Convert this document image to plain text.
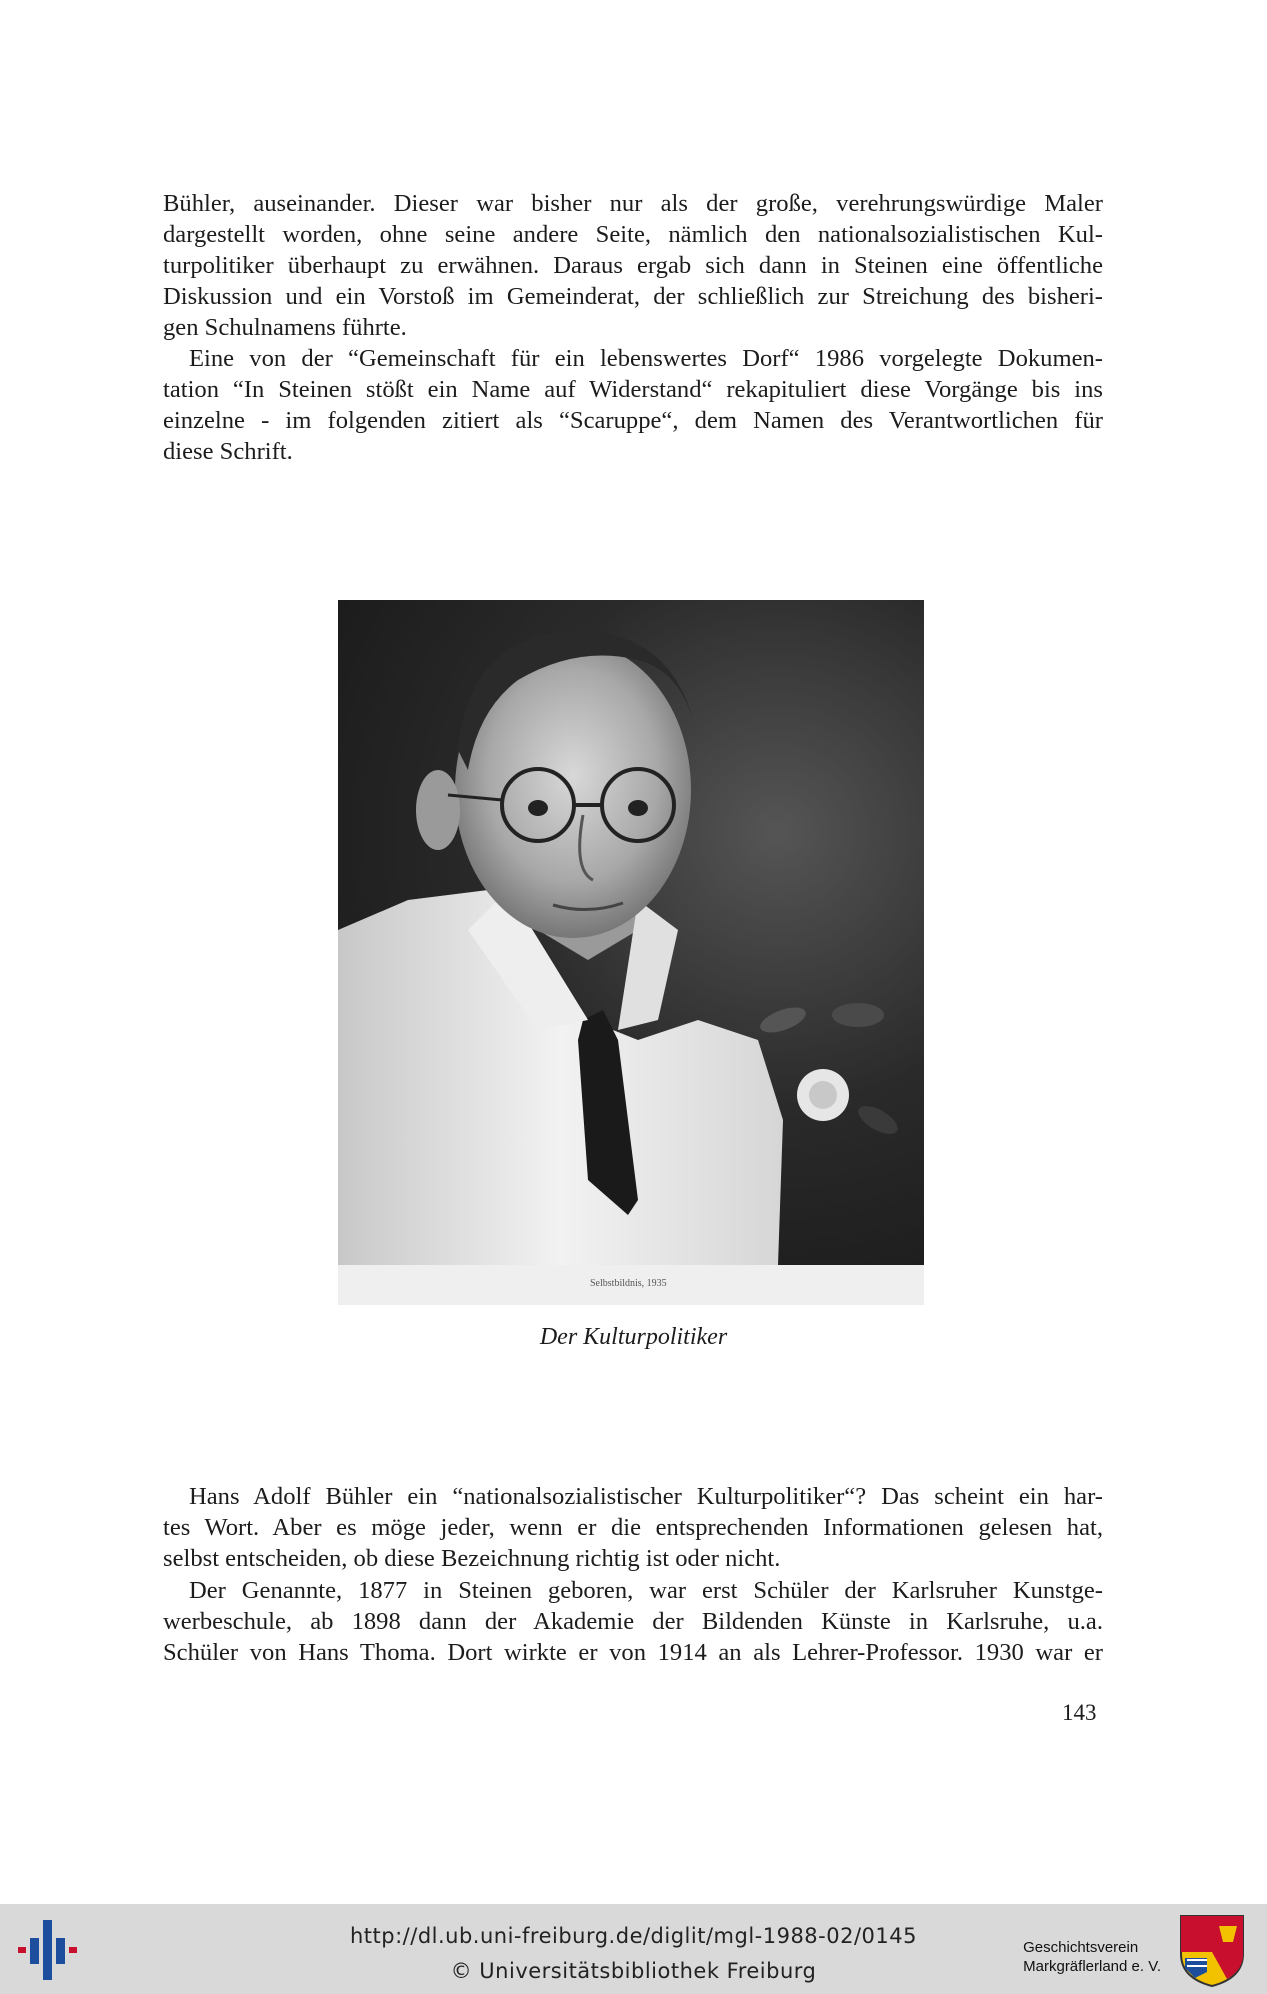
Bühler, auseinander. Dieser war bisher nur als der große, verehrungswürdige Maler
dargestellt worden, ohne seine andere Seite, nämlich den nationalsozialistischen Kul-
turpolitiker überhaupt zu erwähnen. Daraus ergab sich dann in Steinen eine öffentliche
Diskussion und ein Vorstoß im Gemeinderat, der schließlich zur Streichung des bisheri-
gen Schulnamens führte.
Eine von der “Gemeinschaft für ein lebenswertes Dorf“ 1986 vorgelegte Dokumen-
tation “In Steinen stößt ein Name auf Widerstand“ rekapituliert diese Vorgänge bis ins
einzelne - im folgenden zitiert als “Scaruppe“, dem Namen des Verantwortlichen für
diese Schrift.
Selbstbildnis, 1935
Der Kulturpolitiker
Hans Adolf Bühler ein “nationalsozialistischer Kulturpolitiker“? Das scheint ein har-
tes Wort. Aber es möge jeder, wenn er die entsprechenden Informationen gelesen hat,
selbst entscheiden, ob diese Bezeichnung richtig ist oder nicht.
Der Genannte, 1877 in Steinen geboren, war erst Schüler der Karlsruher Kunstge-
werbeschule, ab 1898 dann der Akademie der Bildenden Künste in Karlsruhe, u.a.
Schüler von Hans Thoma. Dort wirkte er von 1914 an als Lehrer-Professor. 1930 war er
143
http://dl.ub.uni-freiburg.de/diglit/mgl-1988-02/0145
© Universitätsbibliothek Freiburg
Geschichtsverein
Markgräflerland e. V.
